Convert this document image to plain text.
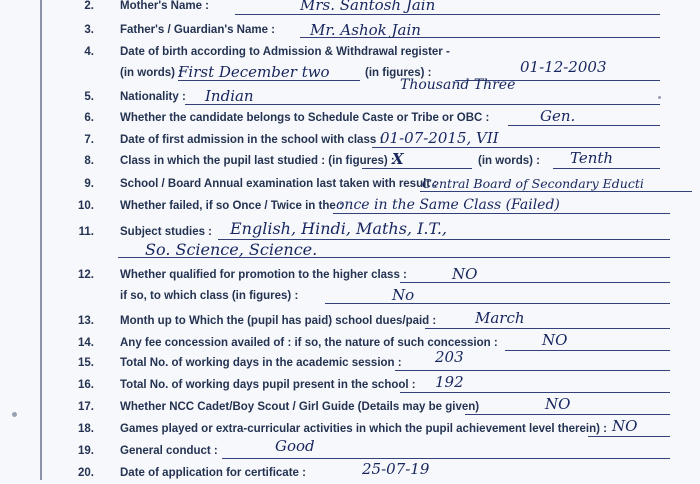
2. Mother's Name :	Mrs. Santosh Jain
3. Father's / Guardian's Name : Mr. Ashok Jain
4. Date of birth according to Admission & Withdrawal register -
(in words) :
First December two	(in figures) :	01-12-2003
Thousand Three
5. Nationality : Indian
6. Whether the candidate belongs to Schedule Caste or Tribe or OBC :	Gen.
7. Date of first admission in the school with class :
01-07-2015, VII
8. Class in which the pupil last studied : (in figures) :
X	(in words) : Tenth
9. School / Board Annual examination last taken with result :
Central Board of Secondary Educti
10. Whether failed, if so Once / Twice in the :
once in the Same Class (Failed)
11. Subject studies : English, Hindi, Maths, I.T.,
So. Science, Science.
12. Whether qualified for promotion to the higher class :	NO
if so, to which class (in figures) :	No
13. Month up to Which the (pupil has paid) school dues/paid :	March
14. Any fee concession availed of : if so, the nature of such concession :	NO
15. Total No. of working days in the academic session : 203
16. Total No. of working days pupil present in the school : 192
17. Whether NCC Cadet/Boy Scout / Girl Guide (Details may be given)	NO
18. Games played or extra-curricular activities in which the pupil achievement level therein) : NO
19. General conduct :	Good
20. Date of application for certificate :	25-07-19
